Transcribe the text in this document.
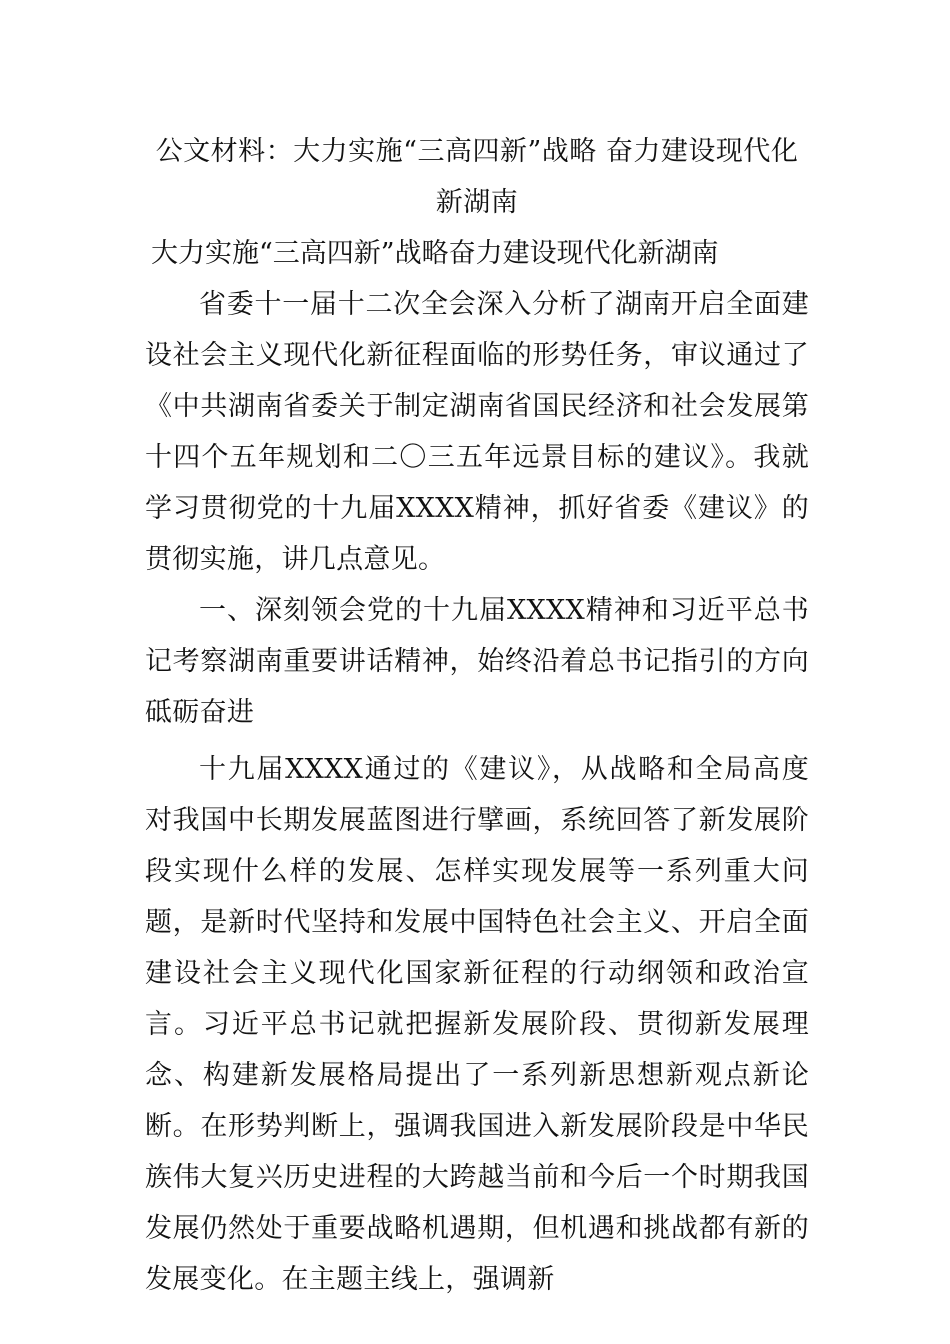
公文材料：大力实施“三高四新”战略 奋力建设现代化新湖南

大力实施“三高四新”战略奋力建设现代化新湖南

省委十一届十二次全会深入分析了湖南开启全面建设社会主义现代化新征程面临的形势任务，审议通过了《中共湖南省委关于制定湖南省国民经济和社会发展第十四个五年规划和二〇三五年远景目标的建议》。我就学习贯彻党的十九届XXXX精神，抓好省委《建议》的贯彻实施，讲几点意见。

一、深刻领会党的十九届XXXX精神和习近平总书记考察湖南重要讲话精神，始终沿着总书记指引的方向砥砺奋进

十九届XXXX通过的《建议》，从战略和全局高度对我国中长期发展蓝图进行擘画，系统回答了新发展阶段实现什么样的发展、怎样实现发展等一系列重大问题，是新时代坚持和发展中国特色社会主义、开启全面建设社会主义现代化国家新征程的行动纲领和政治宣言。习近平总书记就把握新发展阶段、贯彻新发展理念、构建新发展格局提出了一系列新思想新观点新论断。在形势判断上，强调我国进入新发展阶段是中华民族伟大复兴历史进程的大跨越当前和今后一个时期我国发展仍然处于重要战略机遇期，但机遇和挑战都有新的发展变化。在主题主线上，强调新
